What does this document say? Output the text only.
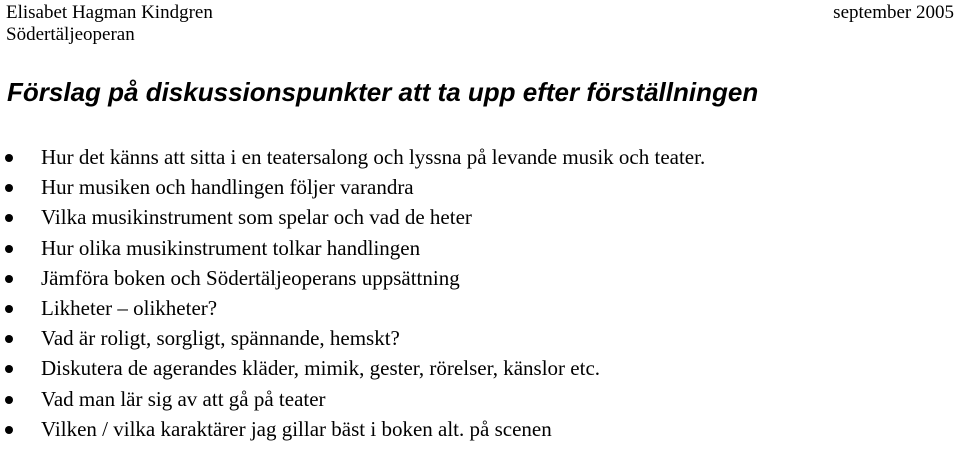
Elisabet Hagman Kindgren	september 2005
Södertäljeoperan
Förslag på diskussionspunkter att ta upp efter förställningen
Hur det känns att sitta i en teatersalong och lyssna på levande musik och teater.
Hur musiken och handlingen följer varandra
Vilka musikinstrument som spelar och vad de heter
Hur olika musikinstrument tolkar handlingen
Jämföra boken och Södertäljeoperans uppsättning
Likheter – olikheter?
Vad är roligt, sorgligt, spännande, hemskt?
Diskutera de agerandes kläder, mimik, gester, rörelser, känslor etc.
Vad man lär sig av att gå på teater
Vilken / vilka karaktärer jag gillar bäst i boken alt. på scenen
